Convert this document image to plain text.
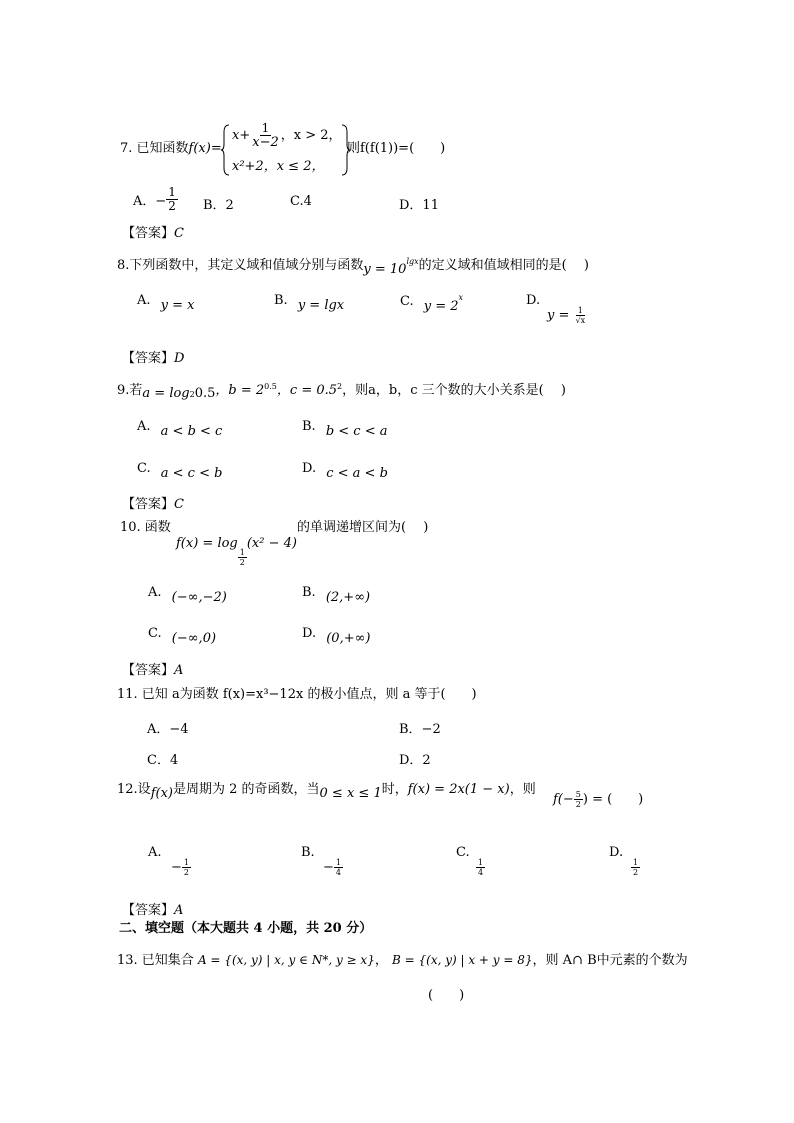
7. 已知函数f(x)=
$x+ \frac{1}{x-2}$ ，x > 2，
x²+2，x ≤ 2，
则f(f(1))=(　　)
A．− $\frac{1}{2}$ B．2	C.4	D．11
【答案】C
8.下列函数中，其定义域和值域分别与函数$y = 10^{lgx}$的定义域和值域相同的是(　 )
A. y = x	B. y = lgx	C. $y = 2^x$	D.
$y = \frac{1}{√x}$
【答案】D
9.若$a = \log_20.5$，$b = 2^{0.5}$，$c = 0.5^2$，则a，b，c 三个数的大小关系是(　 )
A. a < b < c	B. b < c < a
C. a < c < b	D. c < a < b
【答案】C
10. 函数
f(x) = log
$\frac{1}{2}$
(x² − 4)
的单调递增区间为(　 )
A. (−∞,−2)	B. (2,+∞)
C. (−∞,0)	D. (0,+∞)
【答案】A
11. 已知 a为函数 f(x)=x³−12x 的极小值点，则 a 等于(　　)
A．−4	B．−2
C．4	D．2
12.设f(x)是周期为 2 的奇函数，当0 ≤ x ≤ 1时，f(x) = 2x(1 − x)，则
$f(- \frac{5}{2}$ ) = (　　)
A.
− $\frac{1}{2}$
B.
− $\frac{1}{4}$
C.
$\frac{1}{4}$
D.
$\frac{1}{2}$
【答案】A
二、填空题（本大题共 4 小题，共 20 分）
13. 已知集合 A = {(x, y) | x, y ∈ N*, y ≥ x}， B = {(x, y) | x + y = 8}，则 A∩ B中元素的个数为
(　　)
